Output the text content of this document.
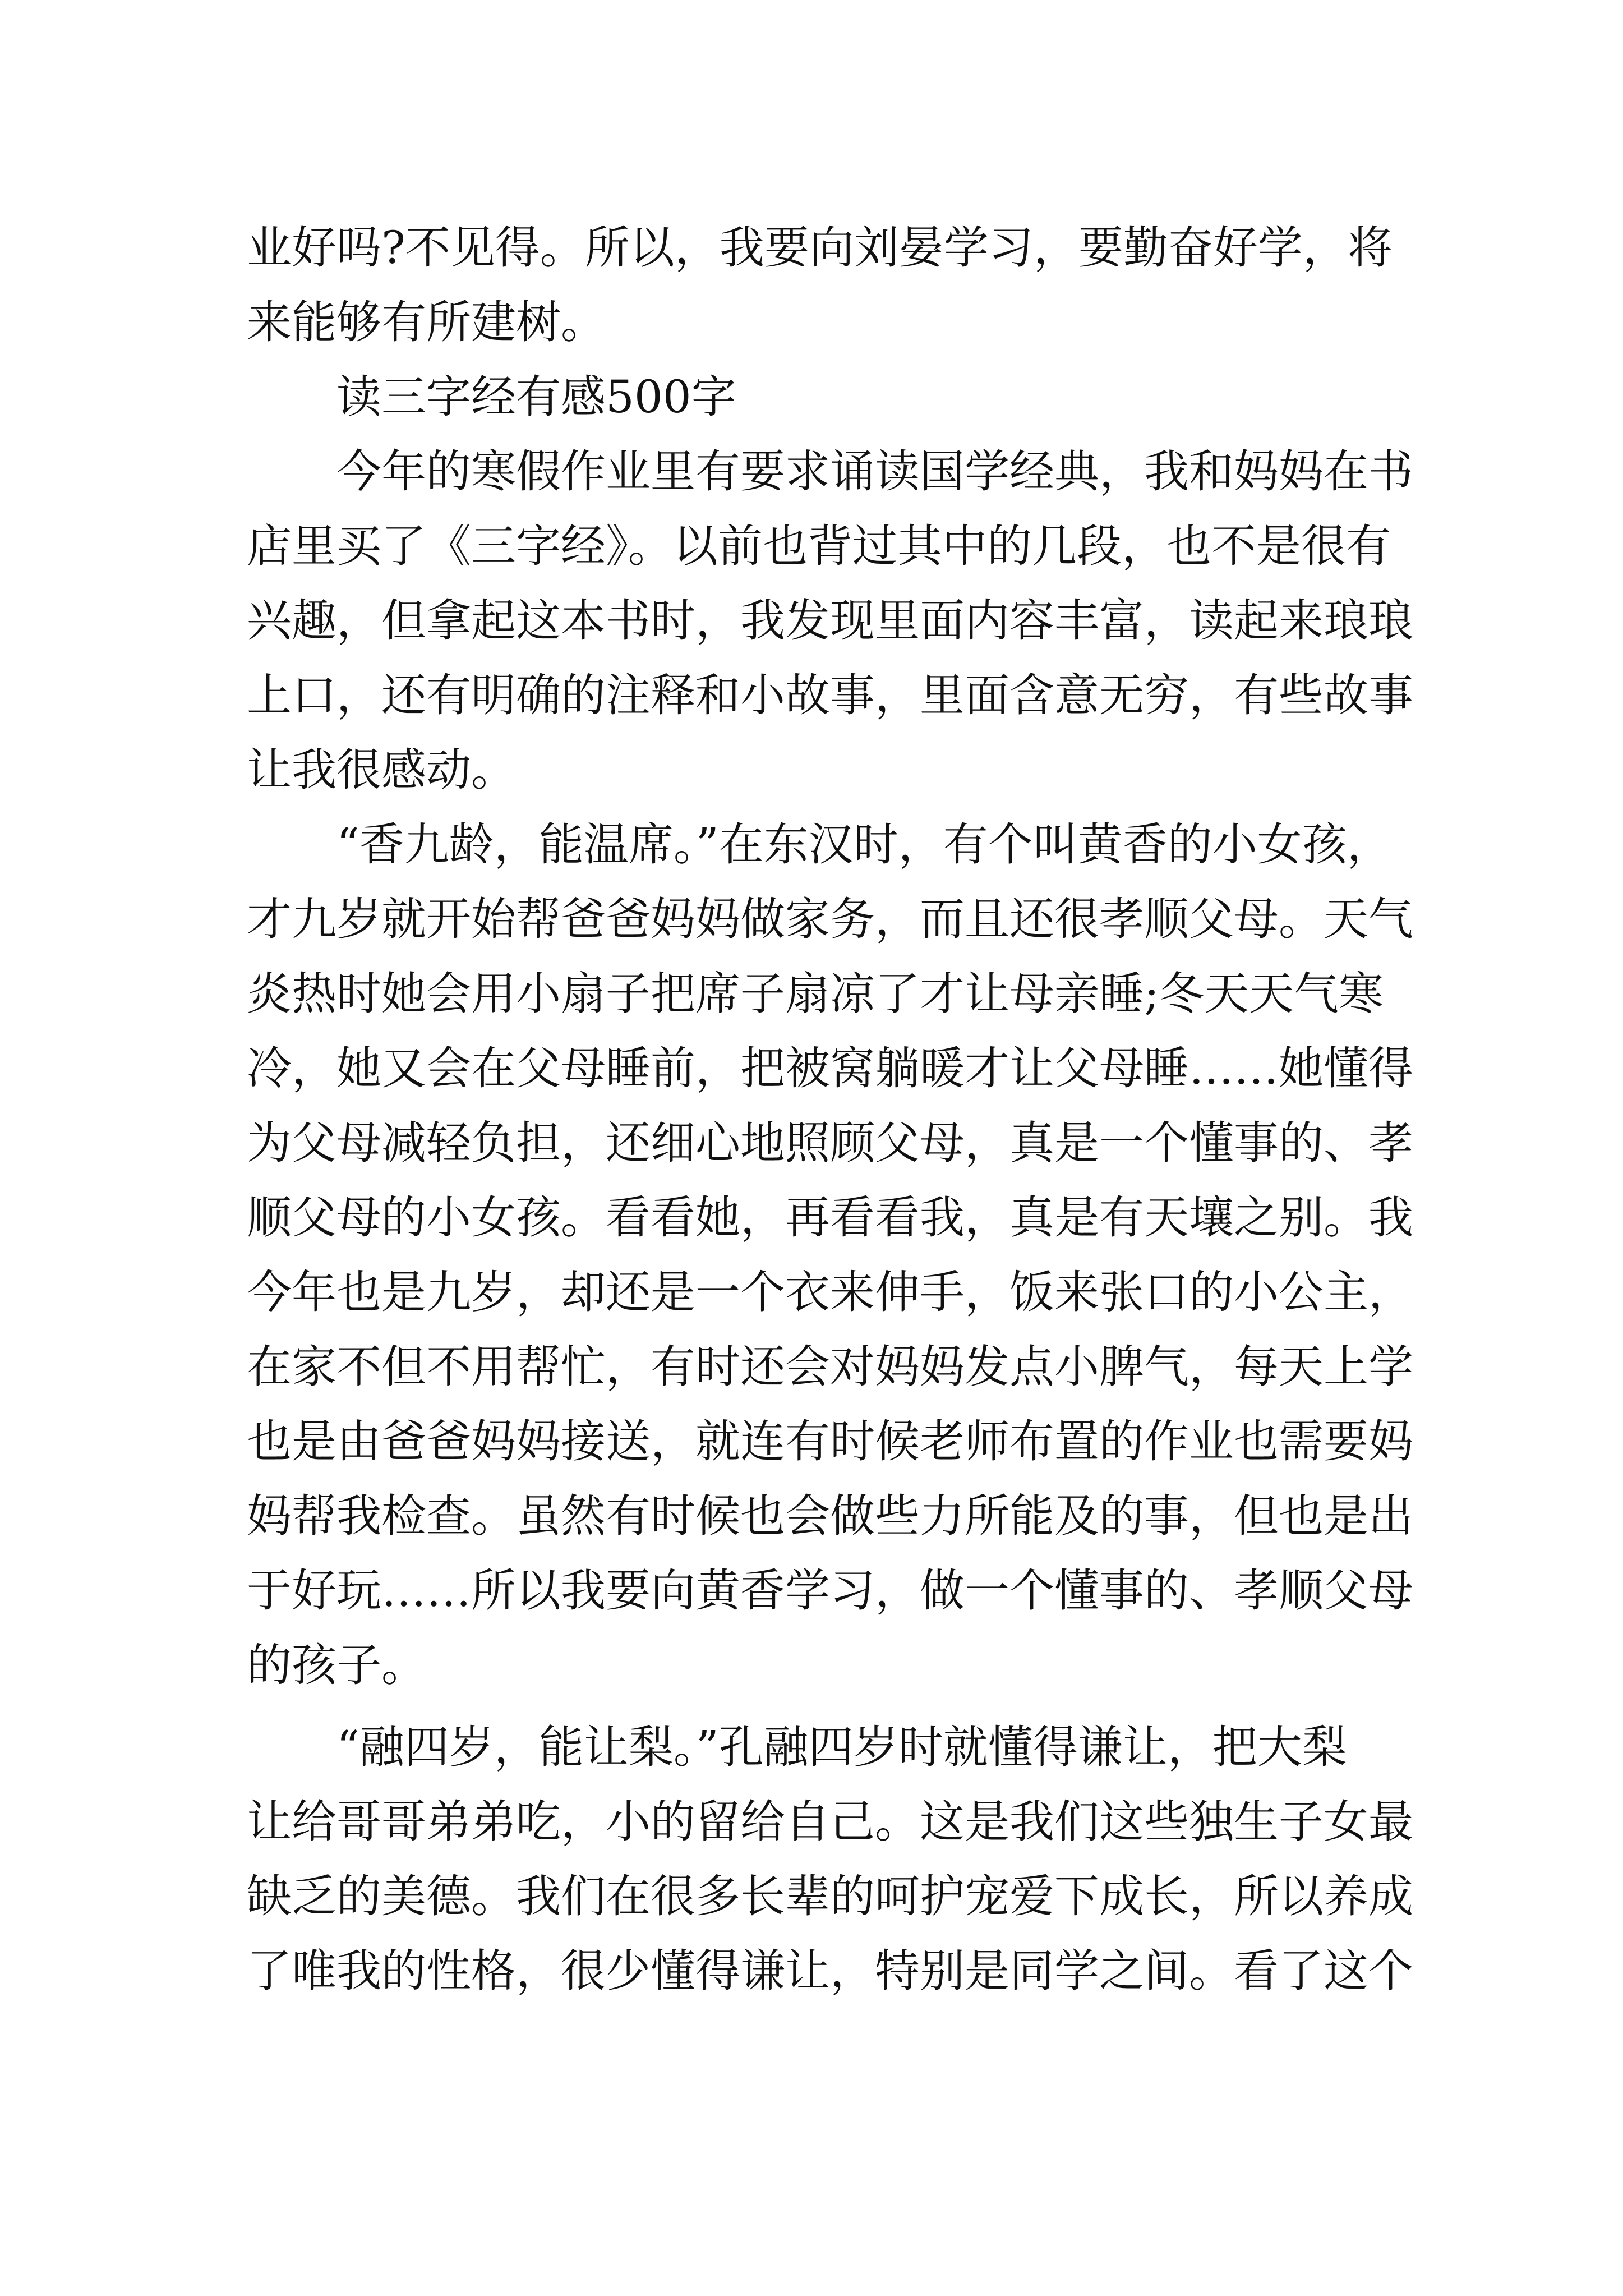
业好吗?不见得。所以，我要向刘晏学习，要勤奋好学，将

来能够有所建树。

读三字经有感500字

今年的寒假作业里有要求诵读国学经典，我和妈妈在书

店里买了《三字经》。以前也背过其中的几段，也不是很有

兴趣，但拿起这本书时，我发现里面内容丰富，读起来琅琅

上口，还有明确的注释和小故事，里面含意无穷，有些故事

让我很感动。

“香九龄，能温席。”在东汉时，有个叫黄香的小女孩，

才九岁就开始帮爸爸妈妈做家务，而且还很孝顺父母。天气

炎热时她会用小扇子把席子扇凉了才让母亲睡;冬天天气寒

冷，她又会在父母睡前，把被窝躺暖才让父母睡……她懂得

为父母减轻负担，还细心地照顾父母，真是一个懂事的、孝

顺父母的小女孩。看看她，再看看我，真是有天壤之别。我

今年也是九岁，却还是一个衣来伸手，饭来张口的小公主，

在家不但不用帮忙，有时还会对妈妈发点小脾气，每天上学

也是由爸爸妈妈接送，就连有时候老师布置的作业也需要妈

妈帮我检查。虽然有时候也会做些力所能及的事，但也是出

于好玩……所以我要向黄香学习，做一个懂事的、孝顺父母

的孩子。

“融四岁，能让梨。”孔融四岁时就懂得谦让，把大梨

让给哥哥弟弟吃，小的留给自己。这是我们这些独生子女最

缺乏的美德。我们在很多长辈的呵护宠爱下成长，所以养成

了唯我的性格，很少懂得谦让，特别是同学之间。看了这个
